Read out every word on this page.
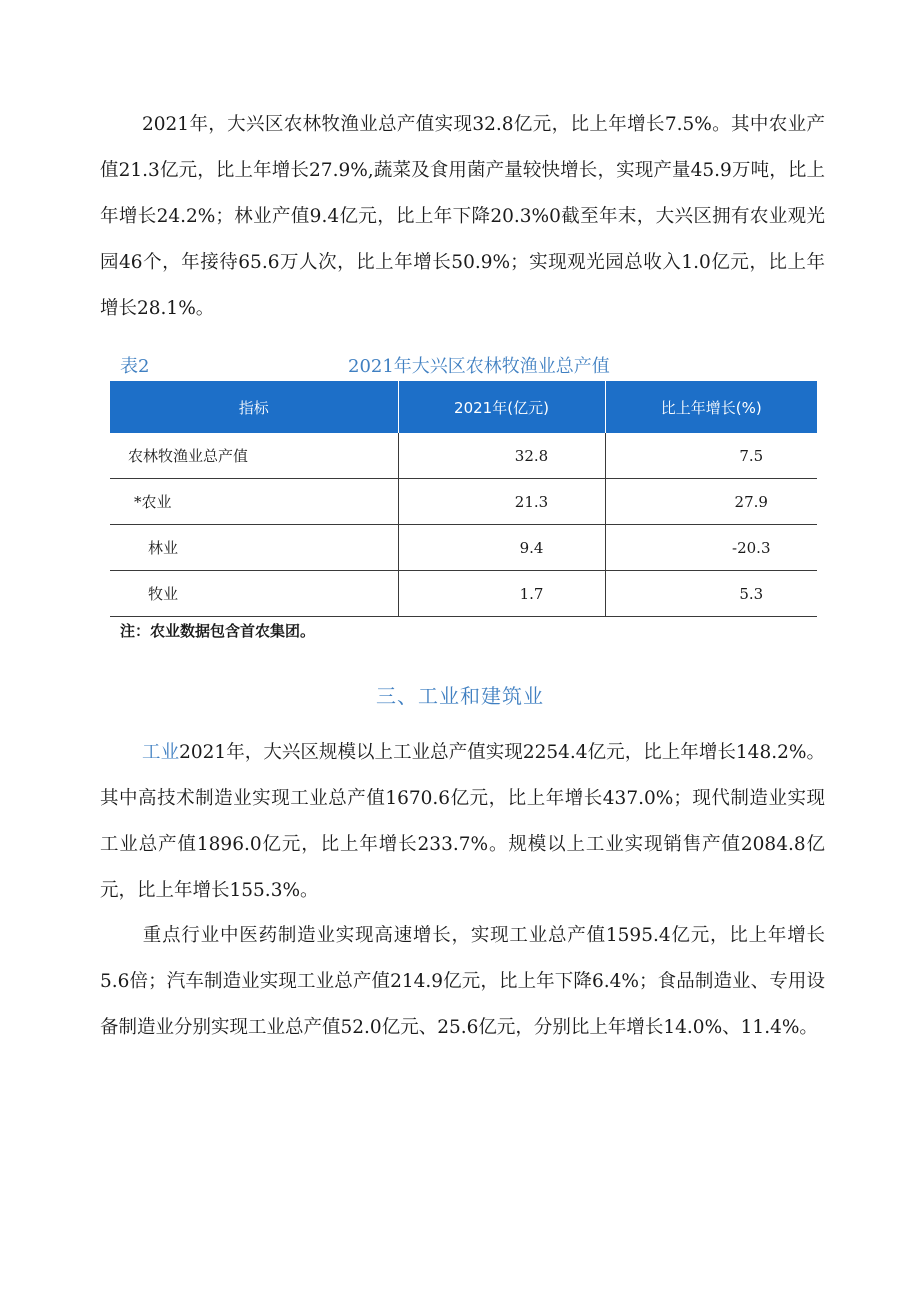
2021年，大兴区农林牧渔业总产值实现32.8亿元，比上年增长7.5%。其中农业产值21.3亿元，比上年增长27.9%,蔬菜及食用菌产量较快增长，实现产量45.9万吨，比上年增长24.2%；林业产值9.4亿元，比上年下降20.3%0截至年末，大兴区拥有农业观光园46个，年接待65.6万人次，比上年增长50.9%；实现观光园总收入1.0亿元，比上年增长28.1%。

表2	2021年大兴区农林牧渔业总产值
指标	2021年(亿元)	比上年增长(%)
农林牧渔业总产值	32.8	7.5
*农业	21.3	27.9
林业	9.4	-20.3
牧业	1.7	5.3
注：农业数据包含首农集团。
三、工业和建筑业

工业2021年，大兴区规模以上工业总产值实现2254.4亿元，比上年增长148.2%。其中高技术制造业实现工业总产值1670.6亿元，比上年增长437.0%；现代制造业实现工业总产值1896.0亿元，比上年增长233.7%。规模以上工业实现销售产值2084.8亿元，比上年增长155.3%。

重点行业中医药制造业实现高速增长，实现工业总产值1595.4亿元，比上年增长5.6倍；汽车制造业实现工业总产值214.9亿元，比上年下降6.4%；食品制造业、专用设备制造业分别实现工业总产值52.0亿元、25.6亿元，分别比上年增长14.0%、11.4%。
